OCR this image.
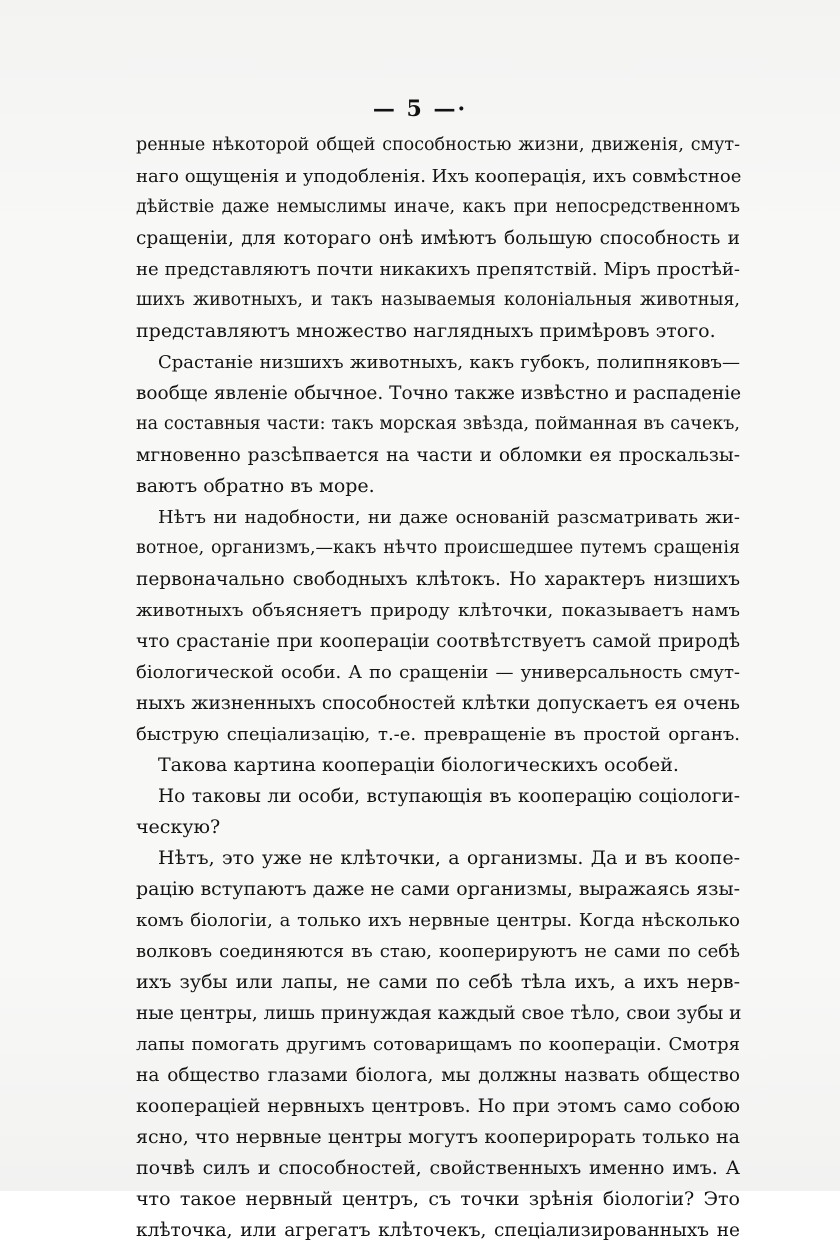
— 5 —·
ренные нѣкоторой общей способностью жизни, движенія, смут-
наго ощущенія и уподобленія. Ихъ кооперація, ихъ совмѣстное
дѣйствіе даже немыслимы иначе, какъ при непосредственномъ
сращеніи, для котораго онѣ имѣютъ большую способность и
не представляютъ почти никакихъ препятствій. Міръ простѣй-
шихъ животныхъ, и такъ называемыя колоніальныя животныя,
представляютъ множество наглядныхъ примѣровъ этого.
Срастаніе низшихъ животныхъ, какъ губокъ, полипняковъ—
вообще явленіе обычное. Точно также извѣстно и распаденіе
на составныя части: такъ морская звѣзда, пойманная въ сачекъ,
мгновенно разсѣпвается на части и обломки ея проскальзы-
ваютъ обратно въ море.
Нѣтъ ни надобности, ни даже основаній разсматривать жи-
вотное, организмъ,—какъ нѣчто происшедшее путемъ сращенія
первоначально свободныхъ клѣтокъ. Но характеръ низшихъ
животныхъ объясняетъ природу клѣточки, показываетъ намъ
что срастаніе при коопераціи соотвѣтствуетъ самой природѣ
біологической особи. А по сращеніи — универсальность смут-
ныхъ жизненныхъ способностей клѣтки допускаетъ ея очень
быструю спеціализацію, т.-е. превращеніе въ простой органъ.
Такова картина коопераціи біологическихъ особей.
Но таковы ли особи, вступающія въ кооперацію соціологи-
ческую?
Нѣтъ, это уже не клѣточки, а организмы. Да и въ коопе-
рацію вступаютъ даже не сами организмы, выражаясь язы-
комъ біологіи, а только ихъ нервные центры. Когда нѣсколько
волковъ соединяются въ стаю, кооперируютъ не сами по себѣ
ихъ зубы или лапы, не сами по себѣ тѣла ихъ, а ихъ нерв-
ные центры, лишь принуждая каждый свое тѣло, свои зубы и
лапы помогать другимъ сотоварищамъ по коопераціи. Смотря
на общество глазами біолога, мы должны назвать общество
коопераціей нервныхъ центровъ. Но при этомъ само собою
ясно, что нервные центры могутъ кооперирорать только на
почвѣ силъ и способностей, свойственныхъ именно имъ. А
что такое нервный центръ, съ точки зрѣнія біологіи? Это
клѣточка, или агрегатъ клѣточекъ, спеціализированныхъ не
